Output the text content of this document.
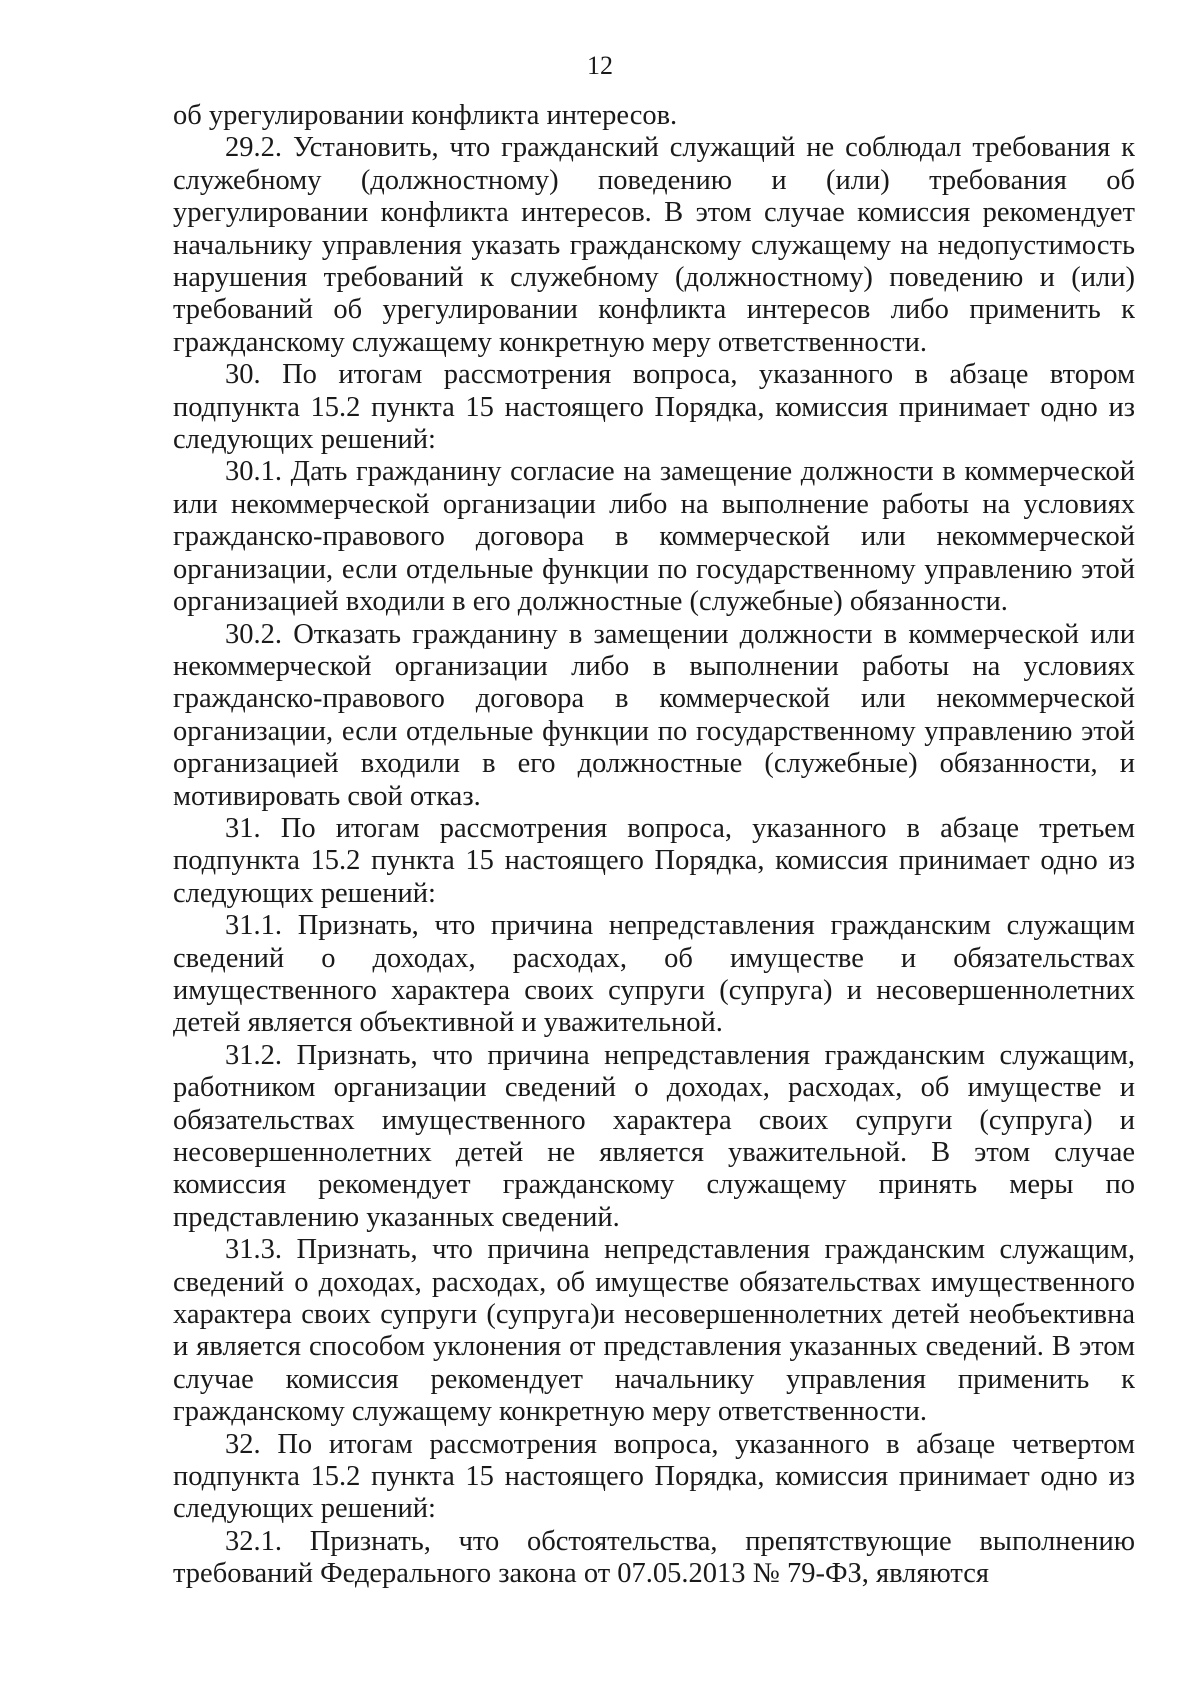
12

об урегулировании конфликта интересов.

29.2. Установить, что гражданский служащий не соблюдал требования к служебному (должностному) поведению и (или) требования об урегулировании конфликта интересов. В этом случае комиссия рекомендует начальнику управления указать гражданскому служащему на недопустимость нарушения требований к служебному (должностному) поведению и (или) требований об урегулировании конфликта интересов либо применить к гражданскому служащему конкретную меру ответственности.

30. По итогам рассмотрения вопроса, указанного в абзаце втором подпункта 15.2 пункта 15 настоящего Порядка, комиссия принимает одно из следующих решений:

30.1. Дать гражданину согласие на замещение должности в коммерческой или некоммерческой организации либо на выполнение работы на условиях гражданско-правового договора в коммерческой или некоммерческой организации, если отдельные функции по государственному управлению этой организацией входили в его должностные (служебные) обязанности.

30.2. Отказать гражданину в замещении должности в коммерческой или некоммерческой организации либо в выполнении работы на условиях гражданско-правового договора в коммерческой или некоммерческой организации, если отдельные функции по государственному управлению этой организацией входили в его должностные (служебные) обязанности, и мотивировать свой отказ.

31. По итогам рассмотрения вопроса, указанного в абзаце третьем подпункта 15.2 пункта 15 настоящего Порядка, комиссия принимает одно из следующих решений:

31.1. Признать, что причина непредставления гражданским служащим сведений о доходах, расходах, об имуществе и обязательствах имущественного характера своих супруги (супруга) и несовершеннолетних детей является объективной и уважительной.

31.2. Признать, что причина непредставления гражданским служащим, работником организации сведений о доходах, расходах, об имуществе и обязательствах имущественного характера своих супруги (супруга) и несовершеннолетних детей не является уважительной. В этом случае комиссия рекомендует гражданскому служащему принять меры по представлению указанных сведений.

31.3. Признать, что причина непредставления гражданским служащим, сведений о доходах, расходах, об имуществе обязательствах имущественного характера своих супруги (супруга)и несовершеннолетних детей необъективна и является способом уклонения от представления указанных сведений. В этом случае комиссия рекомендует начальнику управления применить к гражданскому служащему конкретную меру ответственности.

32. По итогам рассмотрения вопроса, указанного в абзаце четвертом подпункта 15.2 пункта 15 настоящего Порядка, комиссия принимает одно из следующих решений:

32.1. Признать, что обстоятельства, препятствующие выполнению требований Федерального закона от 07.05.2013 № 79-ФЗ, являются
